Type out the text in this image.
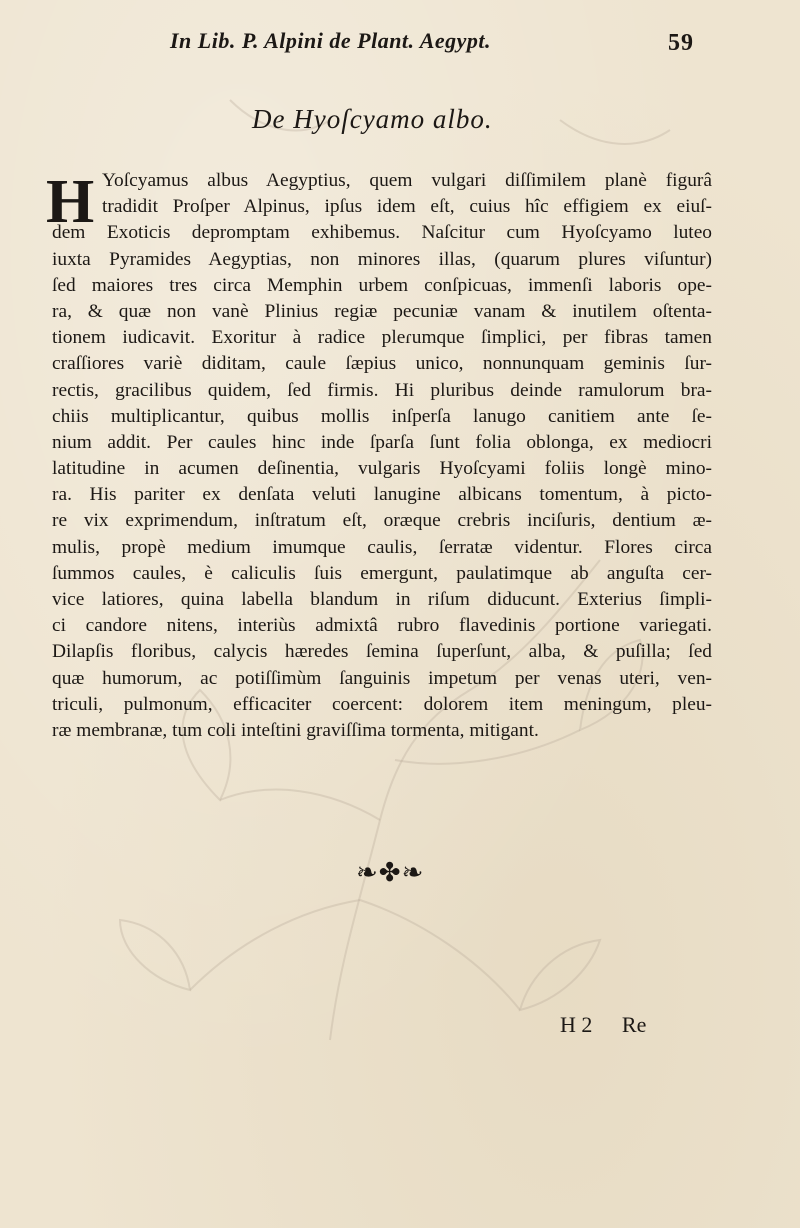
In Lib. P. Alpini de Plant. Aegypt.	59
De Hyoſcyamo albo.
H Yoſcyamus albus Aegyptius, quem vulgari diſſimilem planè figurâ
tradidit Proſper Alpinus, ipſus idem eſt, cuius hîc effigiem ex eiuſ-
dem Exoticis depromptam exhibemus. Naſcitur cum Hyoſcyamo luteo
iuxta Pyramides Aegyptias, non minores illas, (quarum plures viſuntur)
ſed maiores tres circa Memphin urbem conſpicuas, immenſi laboris ope-
ra, & quæ non vanè Plinius regiæ pecuniæ vanam & inutilem oſtenta-
tionem iudicavit. Exoritur à radice pleɾumque ſimplici, per fibras tamen
craſſiores variè diditam, caule ſæpius unico, nonnunquam geminis ſur-
rectis, gracilibus quidem, ſed firmis. Hi pluribus deinde ramulorum bra-
chiis multiplicantur, quibus mollis inſperſa lanugo canitiem ante ſe-
nium addit. Per caules hinc inde ſparſa ſunt folia oblonga, ex mediocri
latitudine in acumen deſinentia, vulgaris Hyoſcyami foliis longè mino-
ra. His pariter ex denſata veluti lanugine albicans tomentum, à picto-
re vix exprimendum, inſtratum eſt, oræque crebris inciſuris, dentium æ-
mulis, propè medium imumque caulis, ſerratæ videntur. Flores circa
ſummos caules, è caliculis ſuis emergunt, paulatimque ab anguſta cer-
vice latiores, quina labella blandum in riſum diducunt. Exterius ſimpli-
ci candore nitens, interiùs admixtâ rubro flavedinis portione variegati.
Dilapſis floribus, calycis hæredes ſemina ſuperſunt, alba, & puſilla; ſed
quæ humorum, ac potiſſimùm ſanguinis impetum per venas uteri, ven-
triculi, pulmonum, efficaciter coercent: dolorem item meningum, pleu-
ræ membranæ, tum coli inteſtini graviſſima tormenta, mitigant.
❧✤❧
H 2 Re
